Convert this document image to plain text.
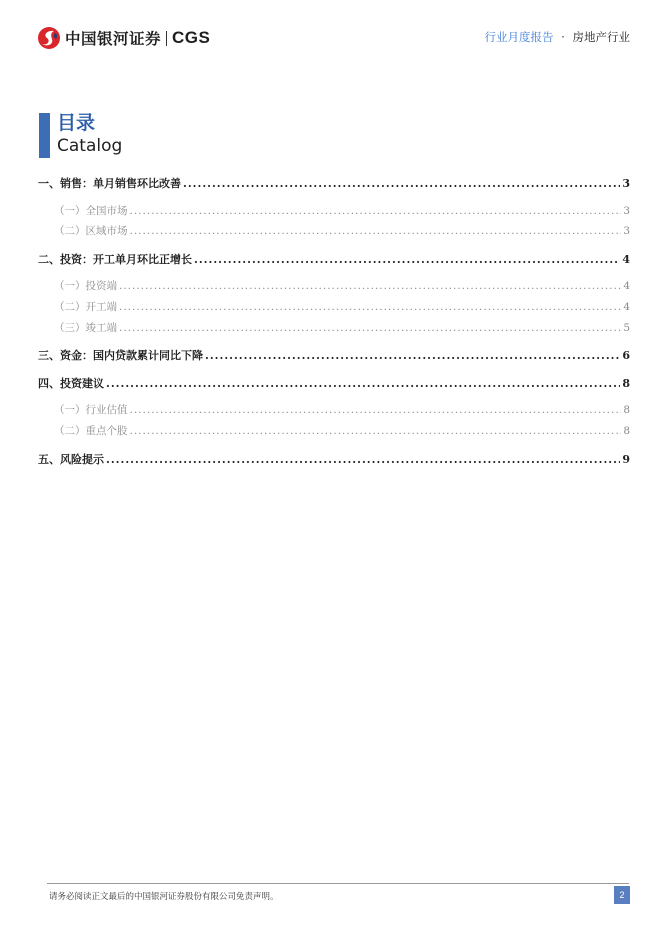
中国银河证券 CGS	行业月度报告 · 房地产行业
目录
Catalog
一、 销售：单月销售环比改善 .....	3
（一） 全国市场 .....	3
（二） 区域市场 .....	3
二、 投资：开工单月环比正增长 .....	4
（一） 投资端 .....	4
（二） 开工端 .....	4
（三） 竣工端 .....	5
三、 资金：国内贷款累计同比下降 .....	6
四、 投资建议 .....	8
（一） 行业估值 .....	8
（二） 重点个股 .....	8
五、 风险提示 .....	9
请务必阅读正文最后的中国银河证券股份有限公司免责声明。	2
